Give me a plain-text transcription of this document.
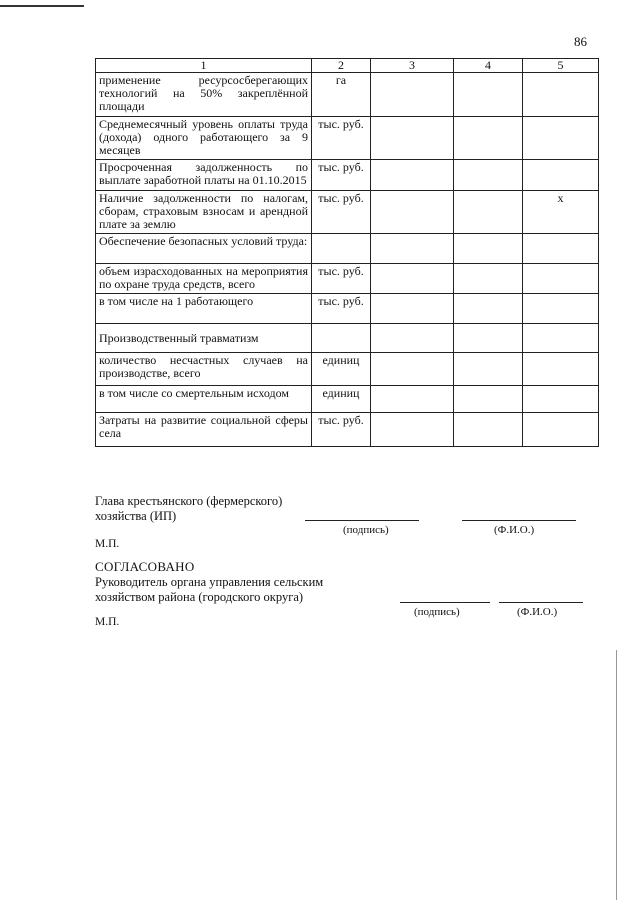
86
1	2	3	4	5
применение ресурсосберегающих технологий на 50% закреплённой площади	га			
Среднемесячный уровень оплаты труда (дохода) одного работающего за 9 месяцев	тыс. руб.			
Просроченная задолженность по выплате заработной платы на 01.10.2015	тыс. руб.			
Наличие задолженности по налогам, сборам, страховым взносам и арендной плате за землю	тыс. руб.			х
Обеспечение безопасных условий труда:				
объем израсходованных на мероприятия по охране труда средств, всего	тыс. руб.			
в том числе на 1 работающего	тыс. руб.			
Производственный травматизм				
количество несчастных случаев на производстве, всего	единиц			
в том числе со смертельным исходом	единиц			
Затраты на развитие социальной сферы села	тыс. руб.			
Глава крестьянского (фермерского)
хозяйства (ИП)
(подпись)	(Ф.И.О.)
М.П.
СОГЛАСОВАНО
Руководитель органа управления сельским
хозяйством района (городского округа)
(подпись)	(Ф.И.О.)
М.П.
